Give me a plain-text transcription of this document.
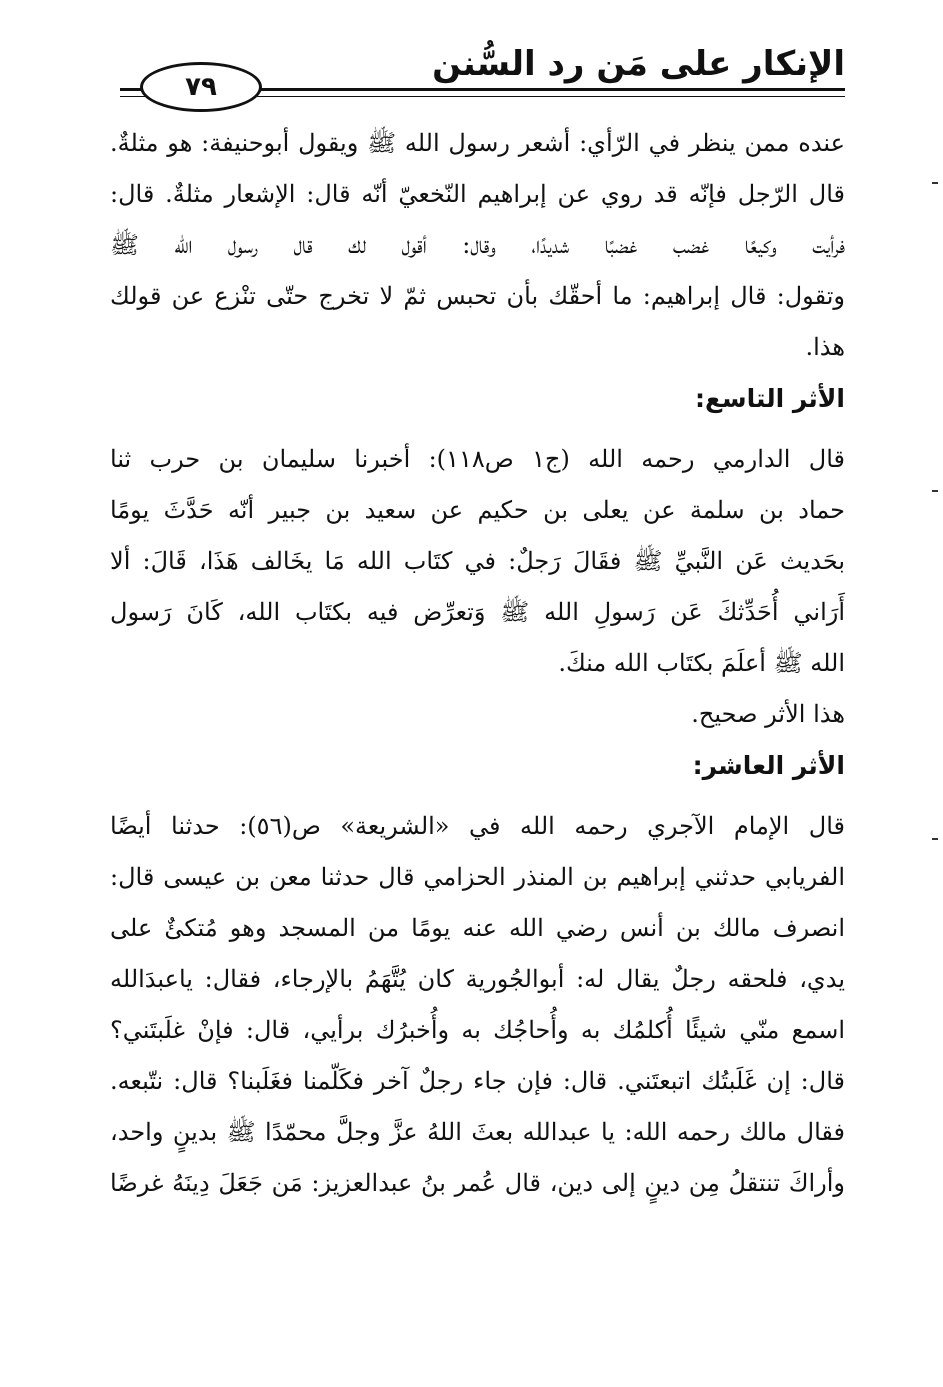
الإنكار على مَن رد السُّنن
٧٩
عنده ممن ينظر في الرّأي: أشعر رسول الله ﷺ ويقول أبوحنيفة: هو مثلةٌ.
قال الرّجل فإنّه قد روي عن إبراهيم النّخعيّ أنّه قال: الإشعار مثلةٌ. قال:
فرأيت وكيعًا غضب غضبًا شديدًا، وقال: أقول لك قال رسول الله ﷺ
وتقول: قال إبراهيم: ما أحقّك بأن تحبس ثمّ لا تخرج حتّى تنْزع عن قولك
هذا.
الأثر التاسع:
قال الدارمي رحمه الله (ج١ ص١١٨): أخبرنا سليمان بن حرب ثنا
حماد بن سلمة عن يعلى بن حكيم عن سعيد بن جبير أنّه حَدَّثَ يومًا
بحَديث عَن النَّبيِّ ﷺ فقَالَ رَجلٌ: في كتَاب الله مَا يخَالف هَذَا، قَالَ: ألا
أَرَاني أُحَدِّثكَ عَن رَسولِ الله ﷺ وَتعرِّض فيه بكتَاب الله، كَانَ رَسول
الله ﷺ أعلَمَ بكتَاب الله منكَ.
هذا الأثر صحيح.
الأثر العاشر:
قال الإمام الآجري رحمه الله في «الشريعة» ص(٥٦): حدثنا أيضًا
الفريابي حدثني إبراهيم بن المنذر الحزامي قال حدثنا معن بن عيسى قال:
انصرف مالك بن أنس رضي الله عنه يومًا من المسجد وهو مُتكئٌ على
يدي، فلحقه رجلٌ يقال له: أبوالجُورية كان يُتَّهَمُ بالإرجاء، فقال: ياعبدَالله
اسمع منّي شيئًا أُكلمُك به وأُحاجُك به وأُخبرُك برأيي، قال: فإنْ غلَبتَني؟
قال: إن غَلَبتُك اتبعتَني. قال: فإن جاء رجلٌ آخر فكَلّمنا فغَلَبنا؟ قال: نتّبعه.
فقال مالك رحمه الله: يا عبدالله بعثَ اللهُ عزَّ وجلَّ محمّدًا ﷺ بدينٍ واحد،
وأراكَ تنتقلُ مِن دينٍ إلى دين، قال عُمر بنُ عبدالعزيز: مَن جَعَلَ دِينَهُ غرضًا
